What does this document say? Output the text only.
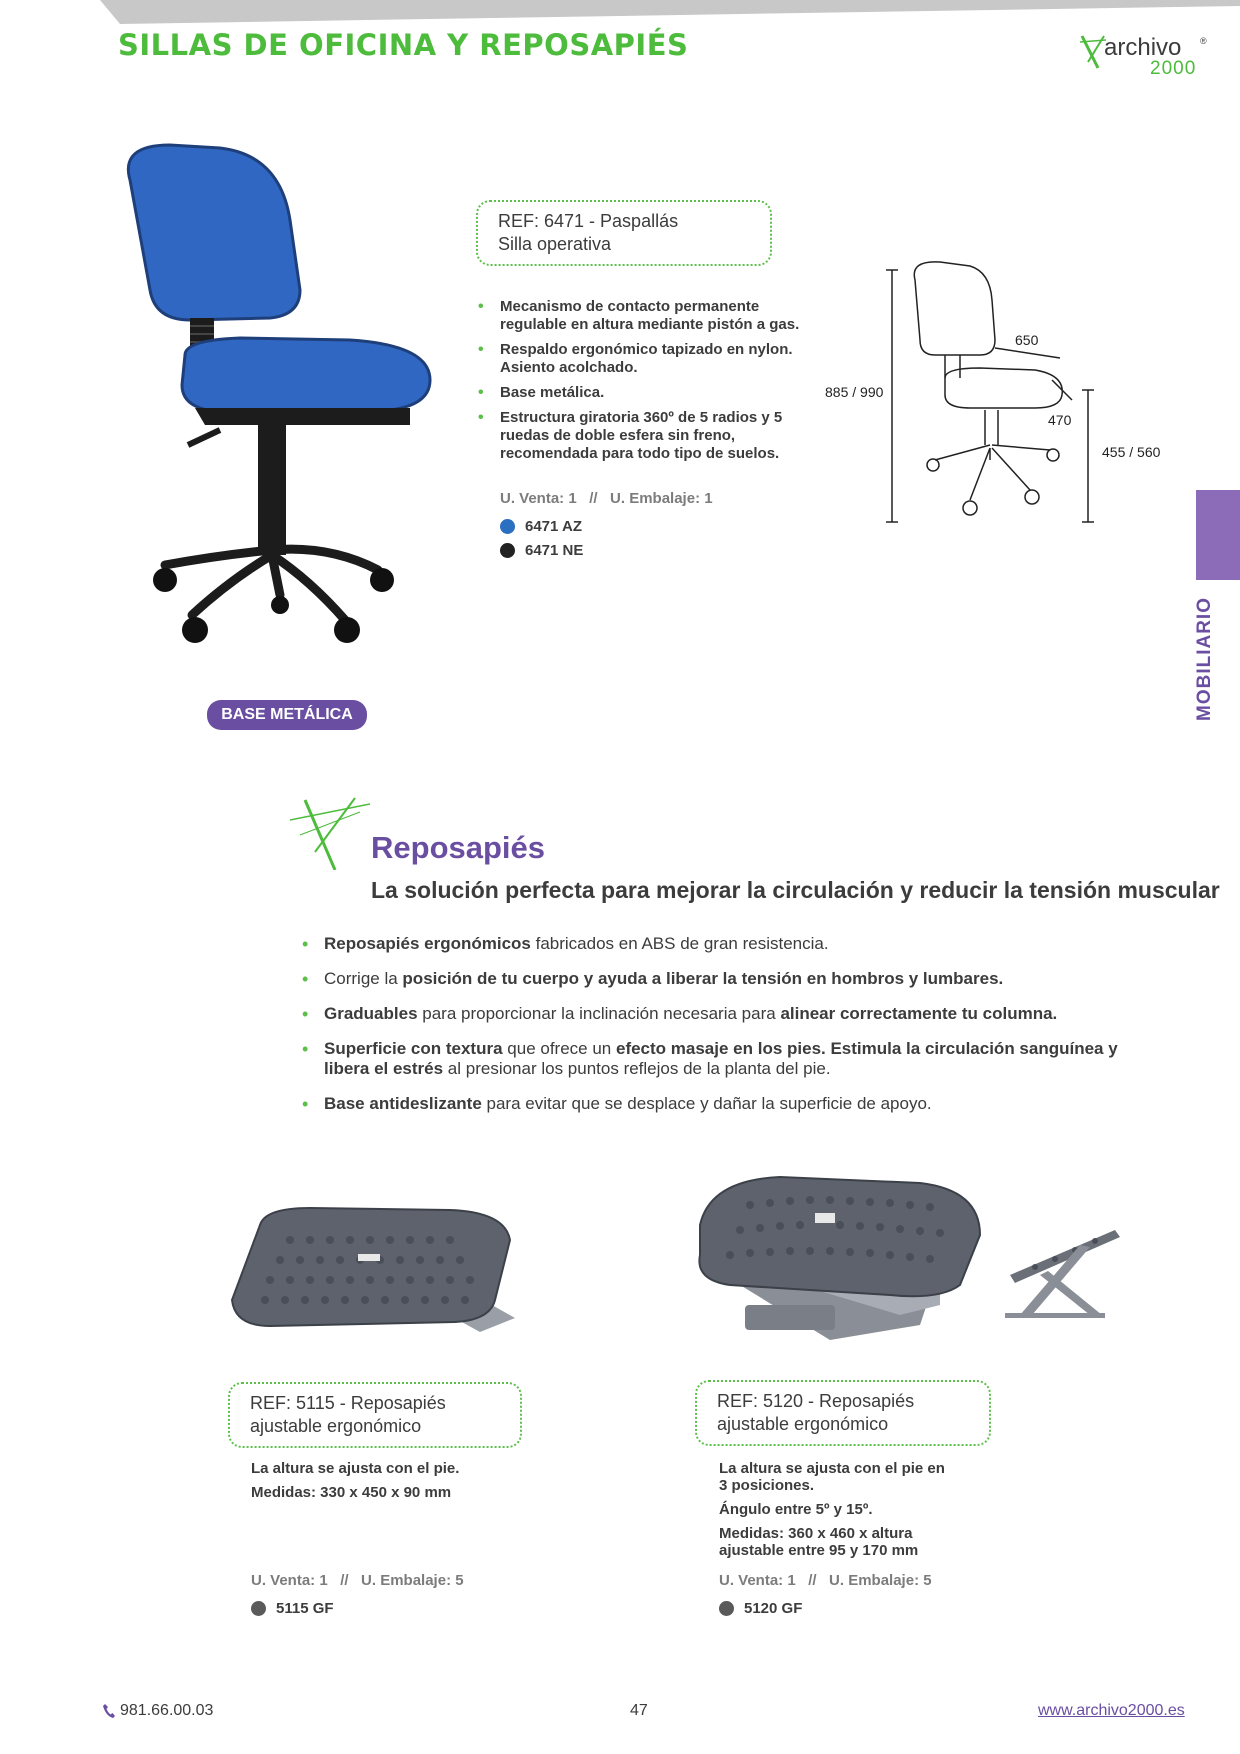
SILLAS DE OFICINA Y REPOSAPIÉS	archivo ®
2000
MOBILIARIO
REF: 6471 - Paspallás
Silla operativa
• Mecanismo de contacto permanente regulable en altura mediante pistón a gas.
• Respaldo ergonómico tapizado en nylon. Asiento acolchado.
• Base metálica.
• Estructura giratoria 360º de 5 radios y 5 ruedas de doble esfera sin freno, recomendada para todo tipo de suelos.
U. Venta: 1   //   U. Embalaje: 1
6471 AZ
6471 NE
BASE METÁLICA
885 / 990
650
470
455 / 560
Reposapiés
La solución perfecta para mejorar la circulación y reducir la tensión muscular
• Reposapiés ergonómicos fabricados en ABS de gran resistencia.
• Corrige la posición de tu cuerpo y ayuda a liberar la tensión en hombros y lumbares.
• Graduables para proporcionar la inclinación necesaria para alinear correctamente tu columna.
• Superficie con textura que ofrece un efecto masaje en los pies. Estimula la circulación sanguínea y libera el estrés al presionar los puntos reflejos de la planta del pie.
• Base antideslizante para evitar que se desplace y dañar la superficie de apoyo.
REF: 5115 - Reposapiés
ajustable ergonómico
La altura se ajusta con el pie.
Medidas: 330 x 450 x 90 mm
U. Venta: 1   //   U. Embalaje: 5
5115 GF
REF: 5120 - Reposapiés
ajustable ergonómico
La altura se ajusta con el pie en 3 posiciones.
Ángulo entre 5º y 15º.
Medidas: 360 x 460 x altura ajustable entre 95 y 170 mm
U. Venta: 1   //   U. Embalaje: 5
5120 GF
981.66.00.03	47	www.archivo2000.es
